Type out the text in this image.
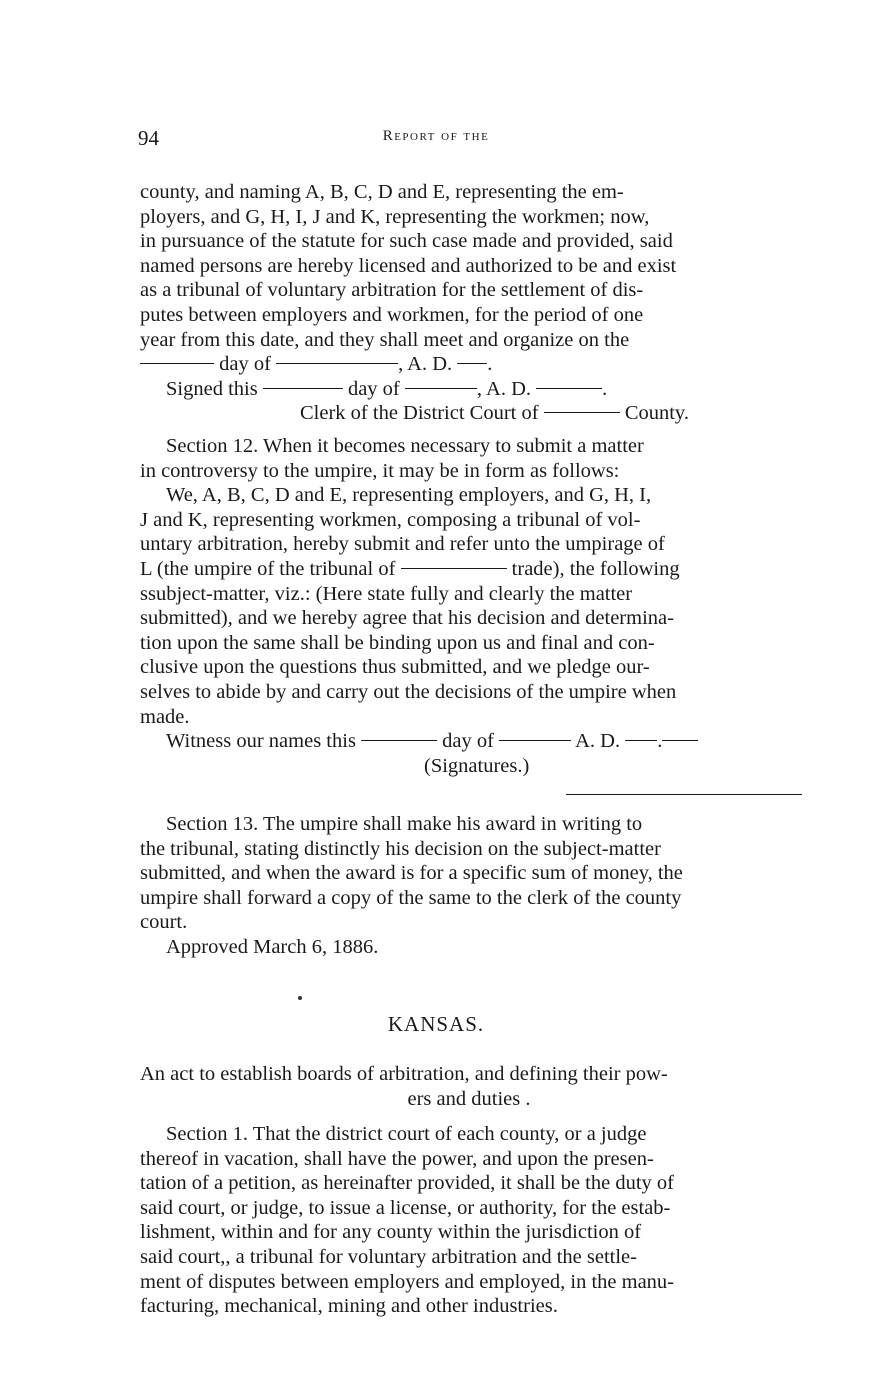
94	Report of the
county, and naming A, B, C, D and E, representing the em-
ployers, and G, H, I, J and K, representing the workmen; now,
in pursuance of the statute for such case made and provided, said
named persons are hereby licensed and authorized to be and exist
as a tribunal of voluntary arbitration for the settlement of dis-
putes between employers and workmen, for the period of one
year from this date, and they shall meet and organize on the
day of	, A. D. .
Signed this	day of	, A. D.	.
Clerk of the District Court of	County.
Section 12. When it becomes necessary to submit a matter
in controversy to the umpire, it may be in form as follows:
We, A, B, C, D and E, representing employers, and G, H, I,
J and K, representing workmen, composing a tribunal of vol-
untary arbitration, hereby submit and refer unto the umpirage of
L (the umpire of the tribunal of	trade), the following
ssubject-matter, viz.: (Here state fully and clearly the matter
submitted), and we hereby agree that his decision and determina-
tion upon the same shall be binding upon us and final and con-
clusive upon the questions thus submitted, and we pledge our-
selves to abide by and carry out the decisions of the umpire when
made.
Witness our names this	day of	A. D. .
(Signatures.)
Section 13. The umpire shall make his award in writing to
the tribunal, stating distinctly his decision on the subject-matter
submitted, and when the award is for a specific sum of money, the
umpire shall forward a copy of the same to the clerk of the county
court.
Approved March 6, 1886.
KANSAS.
An act to establish boards of arbitration, and defining their pow-
ers and duties .
Section 1. That the district court of each county, or a judge
thereof in vacation, shall have the power, and upon the presen-
tation of a petition, as hereinafter provided, it shall be the duty of
said court, or judge, to issue a license, or authority, for the estab-
lishment, within and for any county within the jurisdiction of
said court,, a tribunal for voluntary arbitration and the settle-
ment of disputes between employers and employed, in the manu-
facturing, mechanical, mining and other industries.
